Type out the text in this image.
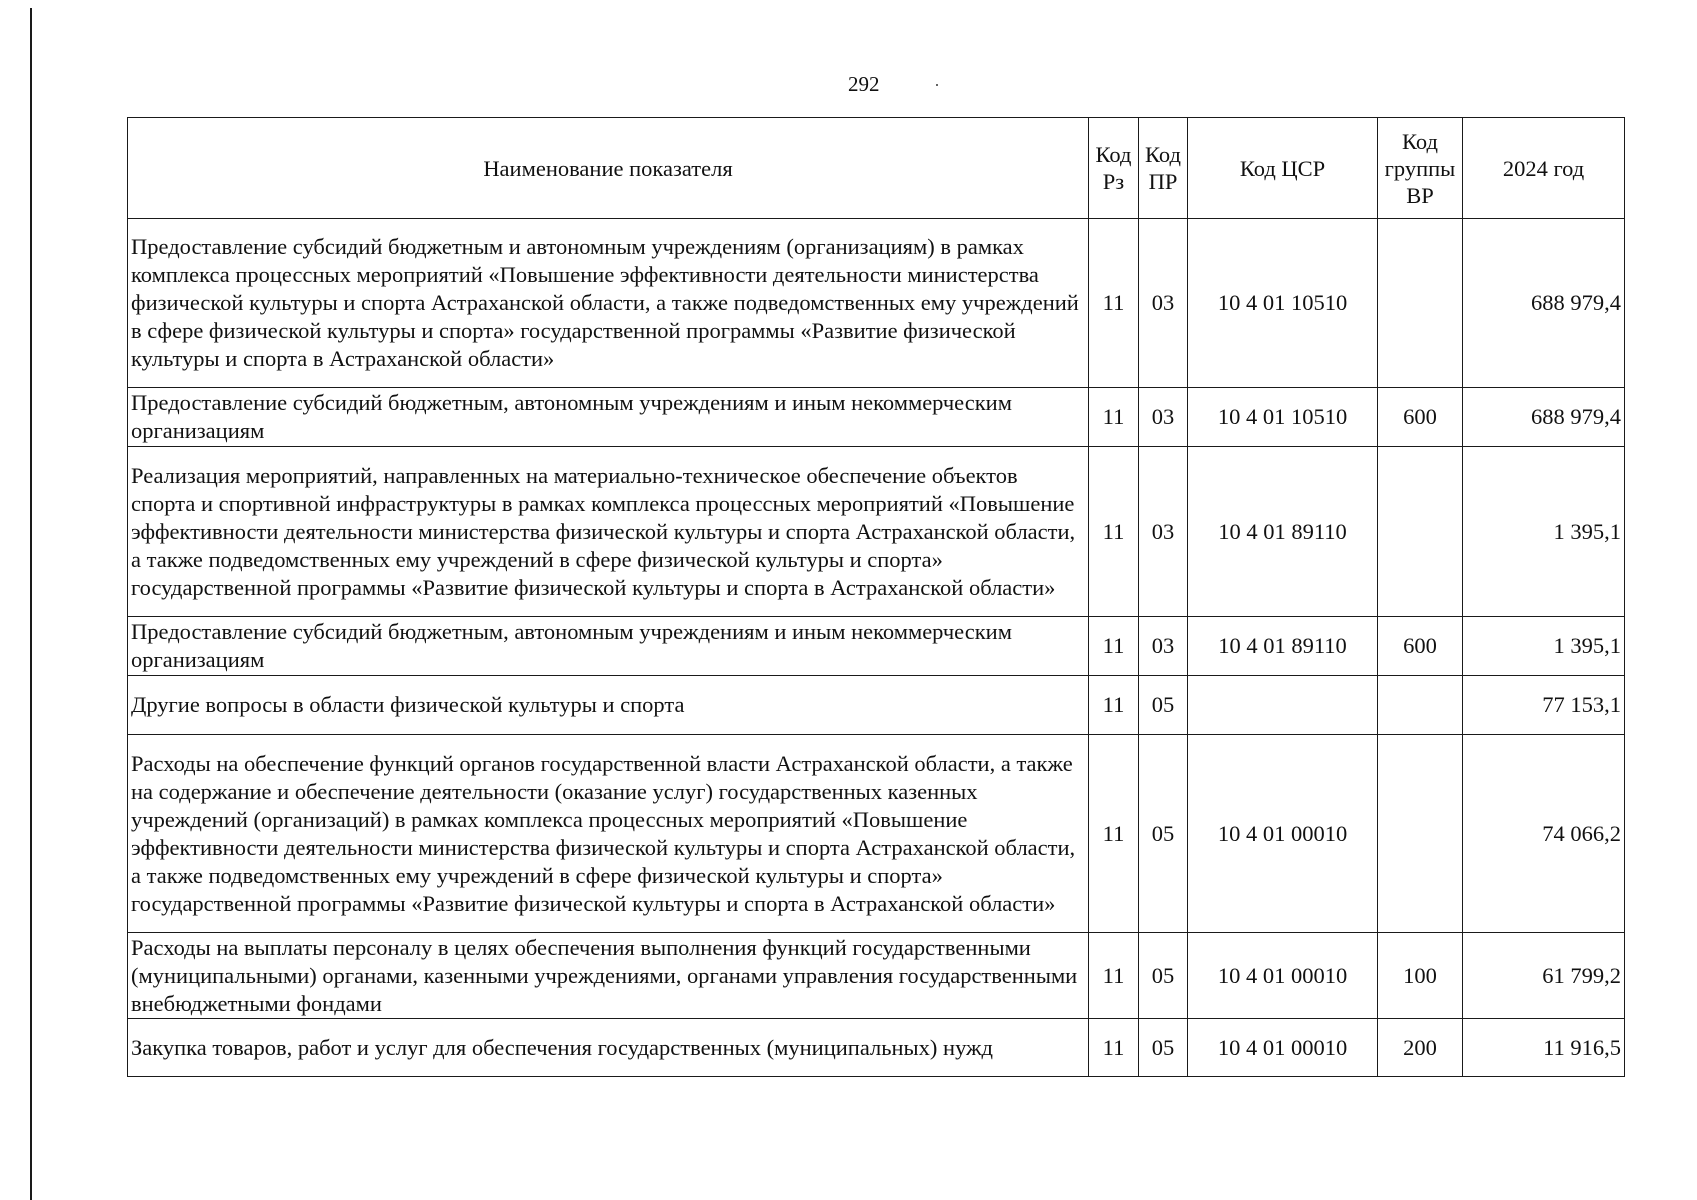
292
Наименование показателя	Код Рз	Код ПР	Код ЦСР	Код группы ВР	2024 год
Предоставление субсидий бюджетным и автономным учреждениям (организациям) в рамках комплекса процессных мероприятий «Повышение эффективности деятельности министерства физической культуры и спорта Астраханской области, а также подведомственных ему учреждений в сфере физической культуры и спорта» государственной программы «Развитие физической культуры и спорта в Астраханской области»	11	03	10 4 01 10510		688 979,4
Предоставление субсидий бюджетным, автономным учреждениям и иным некоммерческим организациям	11	03	10 4 01 10510	600	688 979,4
Реализация мероприятий, направленных на материально-техническое обеспечение объектов спорта и спортивной инфраструктуры в рамках комплекса процессных мероприятий «Повышение эффективности деятельности министерства физической культуры и спорта Астраханской области, а также подведомственных ему учреждений в сфере физической культуры и спорта» государственной программы «Развитие физической культуры и спорта в Астраханской области»	11	03	10 4 01 89110		1 395,1
Предоставление субсидий бюджетным, автономным учреждениям и иным некоммерческим организациям	11	03	10 4 01 89110	600	1 395,1
Другие вопросы в области физической культуры и спорта	11	05			77 153,1
Расходы на обеспечение функций органов государственной власти Астраханской области, а также на содержание и обеспечение деятельности (оказание услуг) государственных казенных учреждений (организаций) в рамках комплекса процессных мероприятий «Повышение эффективности деятельности министерства физической культуры и спорта Астраханской области, а также подведомственных ему учреждений в сфере физической культуры и спорта» государственной программы «Развитие физической культуры и спорта в Астраханской области»	11	05	10 4 01 00010		74 066,2
Расходы на выплаты персоналу в целях обеспечения выполнения функций государственными (муниципальными) органами, казенными учреждениями, органами управления государственными внебюджетными фондами	11	05	10 4 01 00010	100	61 799,2
Закупка товаров, работ и услуг для обеспечения государственных (муниципальных) нужд	11	05	10 4 01 00010	200	11 916,5
